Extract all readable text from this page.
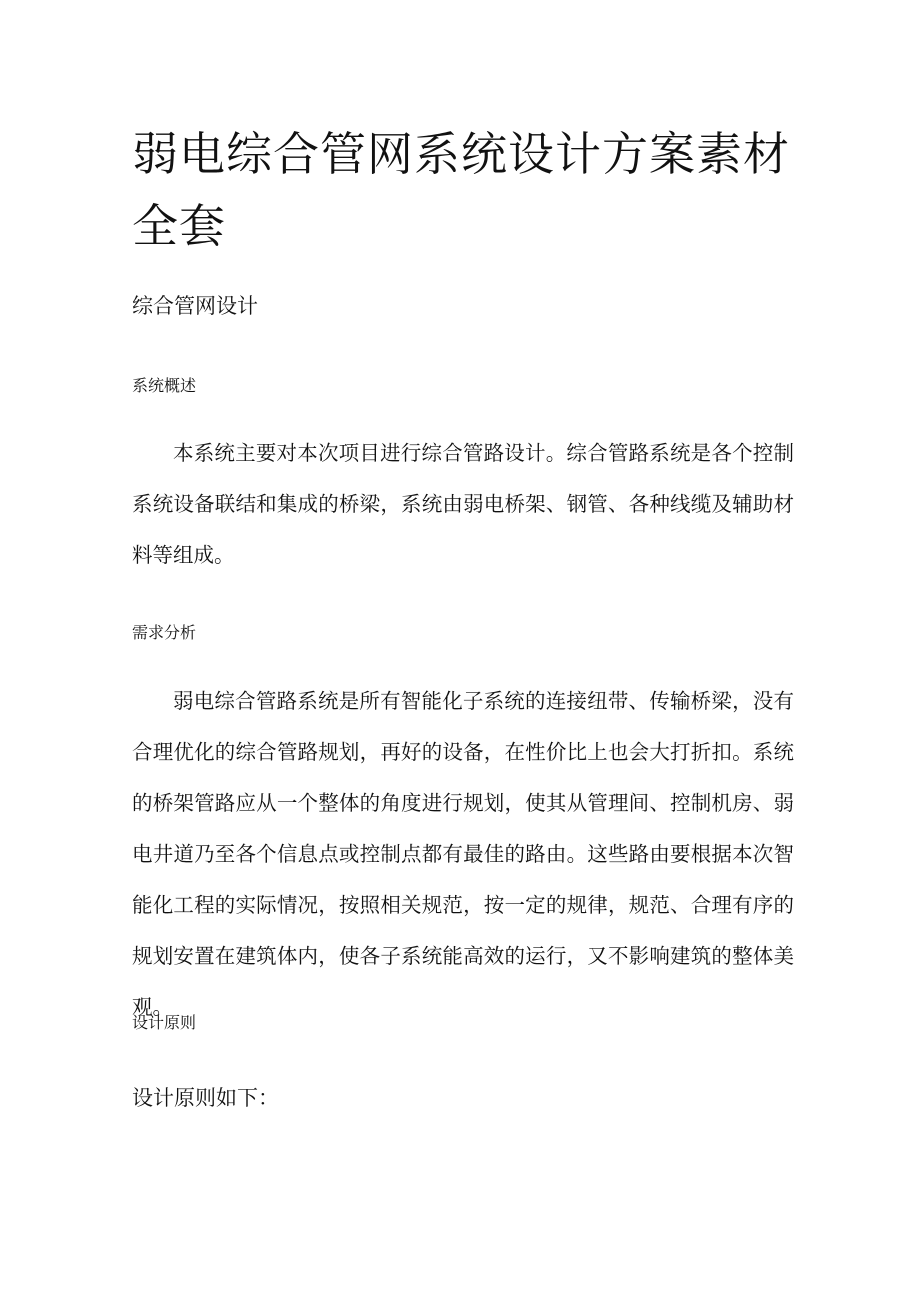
弱电综合管网系统设计方案素材全套
综合管网设计
系统概述

本系统主要对本次项目进行综合管路设计。综合管路系统是各个控制系统设备联结和集成的桥梁，系统由弱电桥架、钢管、各种线缆及辅助材料等组成。

需求分析

弱电综合管路系统是所有智能化子系统的连接纽带、传输桥梁，没有合理优化的综合管路规划，再好的设备，在性价比上也会大打折扣。系统的桥架管路应从一个整体的角度进行规划，使其从管理间、控制机房、弱电井道乃至各个信息点或控制点都有最佳的路由。这些路由要根据本次智能化工程的实际情况，按照相关规范，按一定的规律，规范、合理有序的规划安置在建筑体内，使各子系统能高效的运行，又不影响建筑的整体美观。

设计原则

设计原则如下：
